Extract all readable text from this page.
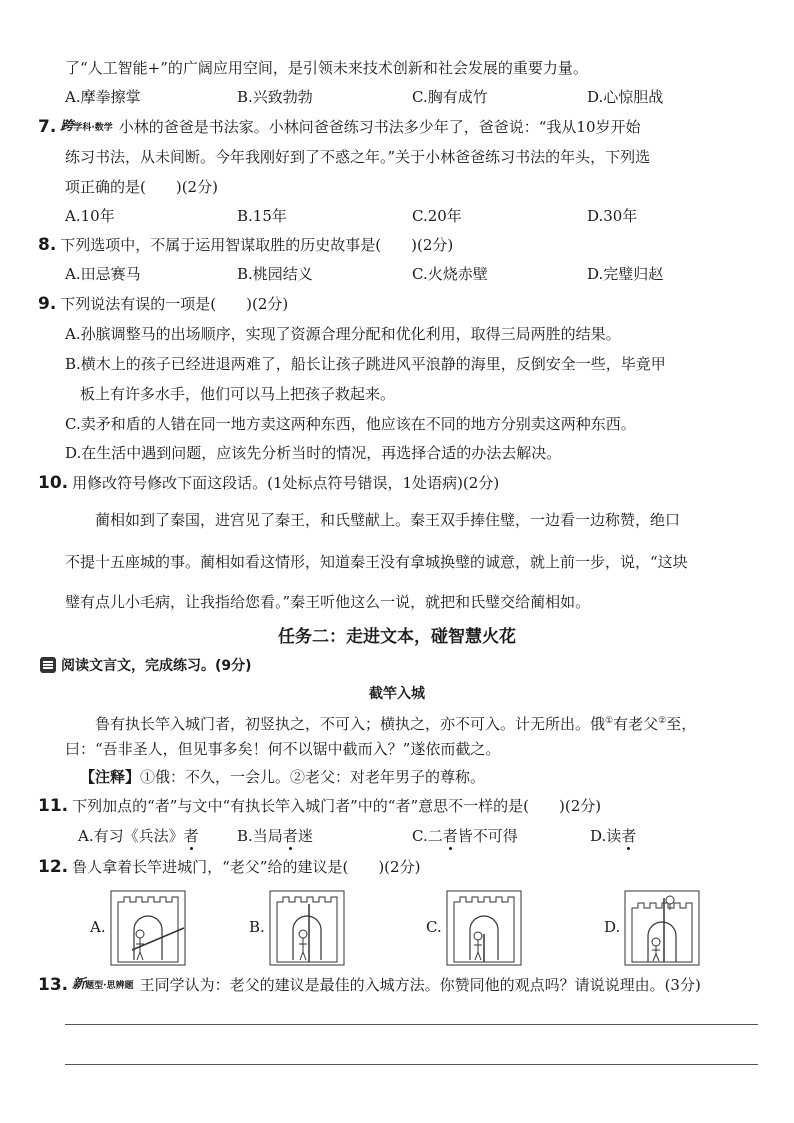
了“人工智能+”的广阔应用空间，是引领未来技术创新和社会发展的重要力量。
A.摩拳擦掌	B.兴致勃勃	C.胸有成竹	D.心惊胆战
7. 跨学科·数学 小林的爸爸是书法家。小林问爸爸练习书法多少年了，爸爸说：“我从10岁开始
练习书法，从未间断。今年我刚好到了不惑之年。”关于小林爸爸练习书法的年头，下列选
项正确的是(　　)(2分)
A.10年	B.15年	C.20年	D.30年
8. 下列选项中，不属于运用智谋取胜的历史故事是(　　)(2分)
A.田忌赛马	B.桃园结义	C.火烧赤壁	D.完璧归赵
9. 下列说法有误的一项是(　　)(2分)
A.孙膑调整马的出场顺序，实现了资源合理分配和优化利用，取得三局两胜的结果。
B.横木上的孩子已经进退两难了，船长让孩子跳进风平浪静的海里，反倒安全一些，毕竟甲
板上有许多水手，他们可以马上把孩子救起来。
C.卖矛和盾的人错在同一地方卖这两种东西，他应该在不同的地方分别卖这两种东西。
D.在生活中遇到问题，应该先分析当时的情况，再选择合适的办法去解决。
10. 用修改符号修改下面这段话。(1处标点符号错误，1处语病)(2分)
蔺相如到了秦国，进宫见了秦王，和氏璧献上。秦王双手捧住璧，一边看一边称赞，绝口
不提十五座城的事。蔺相如看这情形，知道秦王没有拿城换璧的诚意，就上前一步，说，“这块
璧有点儿小毛病，让我指给您看。”秦王听他这么一说，就把和氏璧交给蔺相如。
任务二：走进文本，碰智慧火花
阅读文言文，完成练习。(9分)
截竿入城
鲁有执长竿入城门者，初竖执之，不可入；横执之，亦不可入。计无所出。俄①有老父②至，
曰：“吾非圣人，但见事多矣！何不以锯中截而入？”遂依而截之。
【注释】①俄：不久，一会儿。②老父：对老年男子的尊称。
11. 下列加点的“者”与文中“有执长竿入城门者”中的“者”意思不一样的是(　　)(2分)
A.有习《兵法》者	B.当局者迷	C.二者皆不可得	D.读者
12. 鲁人拿着长竿进城门，“老父”给的建议是(　　)(2分)
A.	B.	C.	D.
13. 新题型·思辨题 王同学认为：老父的建议是最佳的入城方法。你赞同他的观点吗？请说说理由。(3分)
